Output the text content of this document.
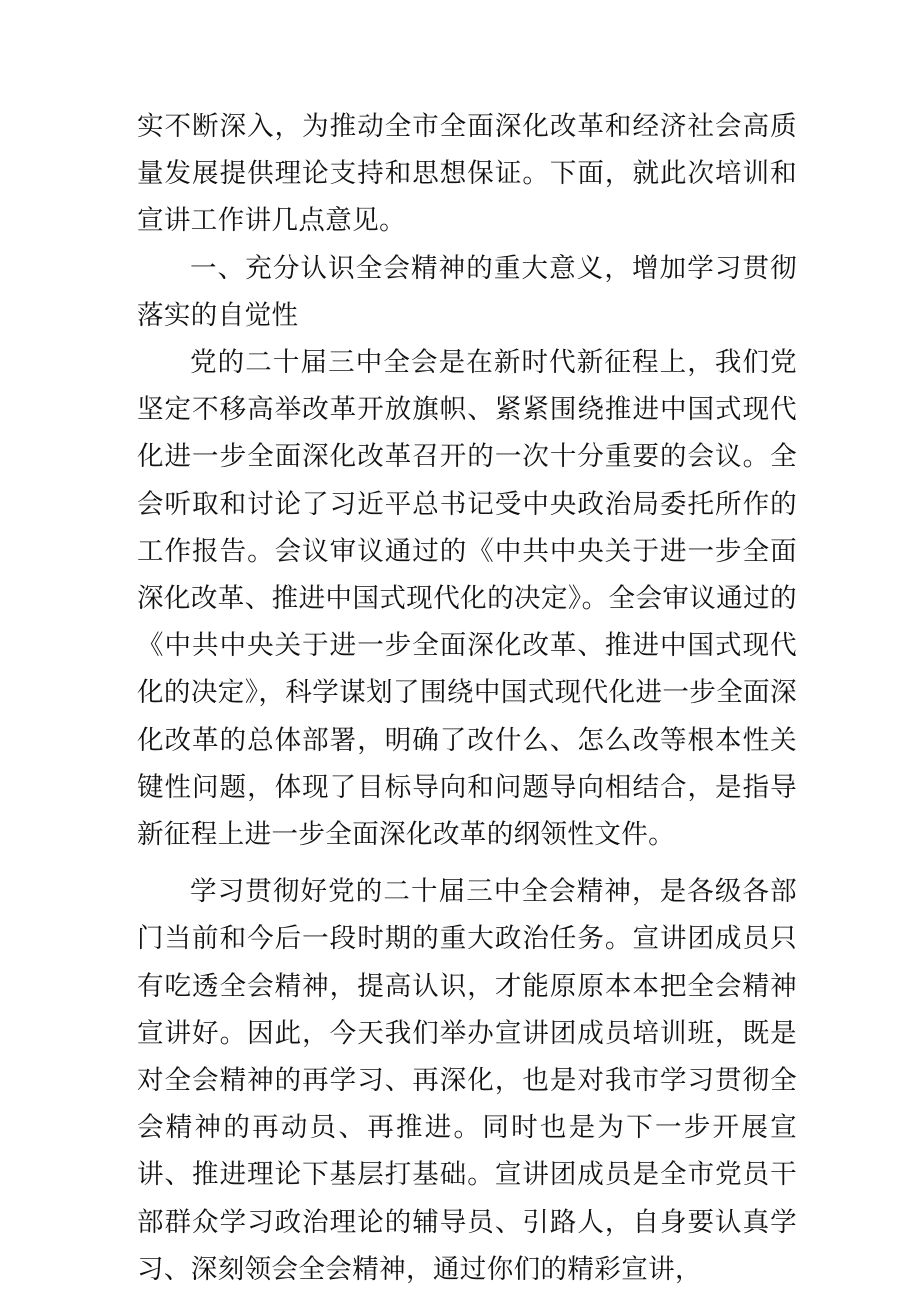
实不断深入，为推动全市全面深化改革和经济社会高质量发展提供理论支持和思想保证。下面，就此次培训和宣讲工作讲几点意见。

一、充分认识全会精神的重大意义，增加学习贯彻落实的自觉性

党的二十届三中全会是在新时代新征程上，我们党坚定不移高举改革开放旗帜、紧紧围绕推进中国式现代化进一步全面深化改革召开的一次十分重要的会议。全会听取和讨论了习近平总书记受中央政治局委托所作的工作报告。会议审议通过的《中共中央关于进一步全面深化改革、推进中国式现代化的决定》。全会审议通过的《中共中央关于进一步全面深化改革、推进中国式现代化的决定》，科学谋划了围绕中国式现代化进一步全面深化改革的总体部署，明确了改什么、怎么改等根本性关键性问题，体现了目标导向和问题导向相结合，是指导新征程上进一步全面深化改革的纲领性文件。

学习贯彻好党的二十届三中全会精神，是各级各部门当前和今后一段时期的重大政治任务。宣讲团成员只有吃透全会精神，提高认识，才能原原本本把全会精神宣讲好。因此，今天我们举办宣讲团成员培训班，既是对全会精神的再学习、再深化，也是对我市学习贯彻全会精神的再动员、再推进。同时也是为下一步开展宣讲、推进理论下基层打基础。宣讲团成员是全市党员干部群众学习政治理论的辅导员、引路人，自身要认真学习、深刻领会全会精神，通过你们的精彩宣讲，
